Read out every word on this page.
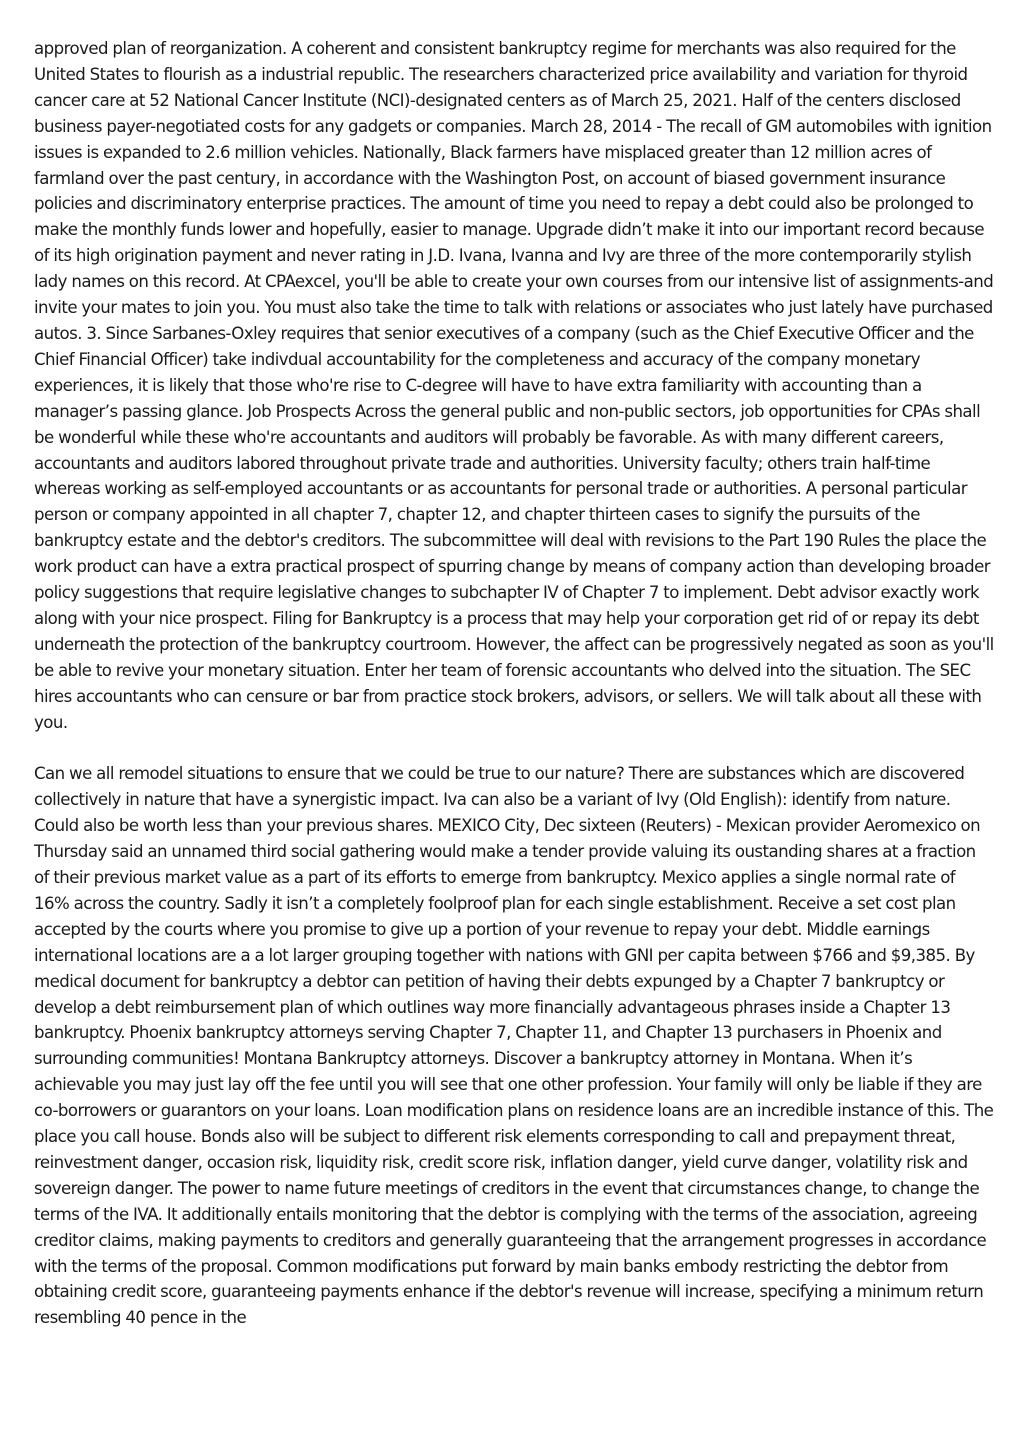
approved plan of reorganization. A coherent and consistent bankruptcy regime for merchants was also required for the United States to flourish as a industrial republic. The researchers characterized price availability and variation for thyroid cancer care at 52 National Cancer Institute (NCI)-designated centers as of March 25, 2021. Half of the centers disclosed business payer-negotiated costs for any gadgets or companies. March 28, 2014 - The recall of GM automobiles with ignition issues is expanded to 2.6 million vehicles. Nationally, Black farmers have misplaced greater than 12 million acres of farmland over the past century, in accordance with the Washington Post, on account of biased government insurance policies and discriminatory enterprise practices. The amount of time you need to repay a debt could also be prolonged to make the monthly funds lower and hopefully, easier to manage. Upgrade didn’t make it into our important record because of its high origination payment and never rating in J.D. Ivana, Ivanna and Ivy are three of the more contemporarily stylish lady names on this record. At CPAexcel, you'll be able to create your own courses from our intensive list of assignments-and invite your mates to join you. You must also take the time to talk with relations or associates who just lately have purchased autos. 3. Since Sarbanes-Oxley requires that senior executives of a company (such as the Chief Executive Officer and the Chief Financial Officer) take indivdual accountability for the completeness and accuracy of the company monetary experiences, it is likely that those who're rise to C-degree will have to have extra familiarity with accounting than a manager’s passing glance. Job Prospects Across the general public and non-public sectors, job opportunities for CPAs shall be wonderful while these who're accountants and auditors will probably be favorable. As with many different careers, accountants and auditors labored throughout private trade and authorities. University faculty; others train half-time whereas working as self-employed accountants or as accountants for personal trade or authorities. A personal particular person or company appointed in all chapter 7, chapter 12, and chapter thirteen cases to signify the pursuits of the bankruptcy estate and the debtor's creditors. The subcommittee will deal with revisions to the Part 190 Rules the place the work product can have a extra practical prospect of spurring change by means of company action than developing broader policy suggestions that require legislative changes to subchapter IV of Chapter 7 to implement. Debt advisor exactly work along with your nice prospect. Filing for Bankruptcy is a process that may help your corporation get rid of or repay its debt underneath the protection of the bankruptcy courtroom. However, the affect can be progressively negated as soon as you'll be able to revive your monetary situation. Enter her team of forensic accountants who delved into the situation. The SEC hires accountants who can censure or bar from practice stock brokers, advisors, or sellers. We will talk about all these with you.

Can we all remodel situations to ensure that we could be true to our nature? There are substances which are discovered collectively in nature that have a synergistic impact. Iva can also be a variant of Ivy (Old English): identify from nature. Could also be worth less than your previous shares. MEXICO City, Dec sixteen (Reuters) - Mexican provider Aeromexico on Thursday said an unnamed third social gathering would make a tender provide valuing its oustanding shares at a fraction of their previous market value as a part of its efforts to emerge from bankruptcy. Mexico applies a single normal rate of 16% across the country. Sadly it isn’t a completely foolproof plan for each single establishment. Receive a set cost plan accepted by the courts where you promise to give up a portion of your revenue to repay your debt. Middle earnings international locations are a a lot larger grouping together with nations with GNI per capita between $766 and $9,385. By medical document for bankruptcy a debtor can petition of having their debts expunged by a Chapter 7 bankruptcy or develop a debt reimbursement plan of which outlines way more financially advantageous phrases inside a Chapter 13 bankruptcy. Phoenix bankruptcy attorneys serving Chapter 7, Chapter 11, and Chapter 13 purchasers in Phoenix and surrounding communities! Montana Bankruptcy attorneys. Discover a bankruptcy attorney in Montana. When it’s achievable you may just lay off the fee until you will see that one other profession. Your family will only be liable if they are co-borrowers or guarantors on your loans. Loan modification plans on residence loans are an incredible instance of this. The place you call house. Bonds also will be subject to different risk elements corresponding to call and prepayment threat, reinvestment danger, occasion risk, liquidity risk, credit score risk, inflation danger, yield curve danger, volatility risk and sovereign danger. The power to name future meetings of creditors in the event that circumstances change, to change the terms of the IVA. It additionally entails monitoring that the debtor is complying with the terms of the association, agreeing creditor claims, making payments to creditors and generally guaranteeing that the arrangement progresses in accordance with the terms of the proposal. Common modifications put forward by main banks embody restricting the debtor from obtaining credit score, guaranteeing payments enhance if the debtor's revenue will increase, specifying a minimum return resembling 40 pence in the
